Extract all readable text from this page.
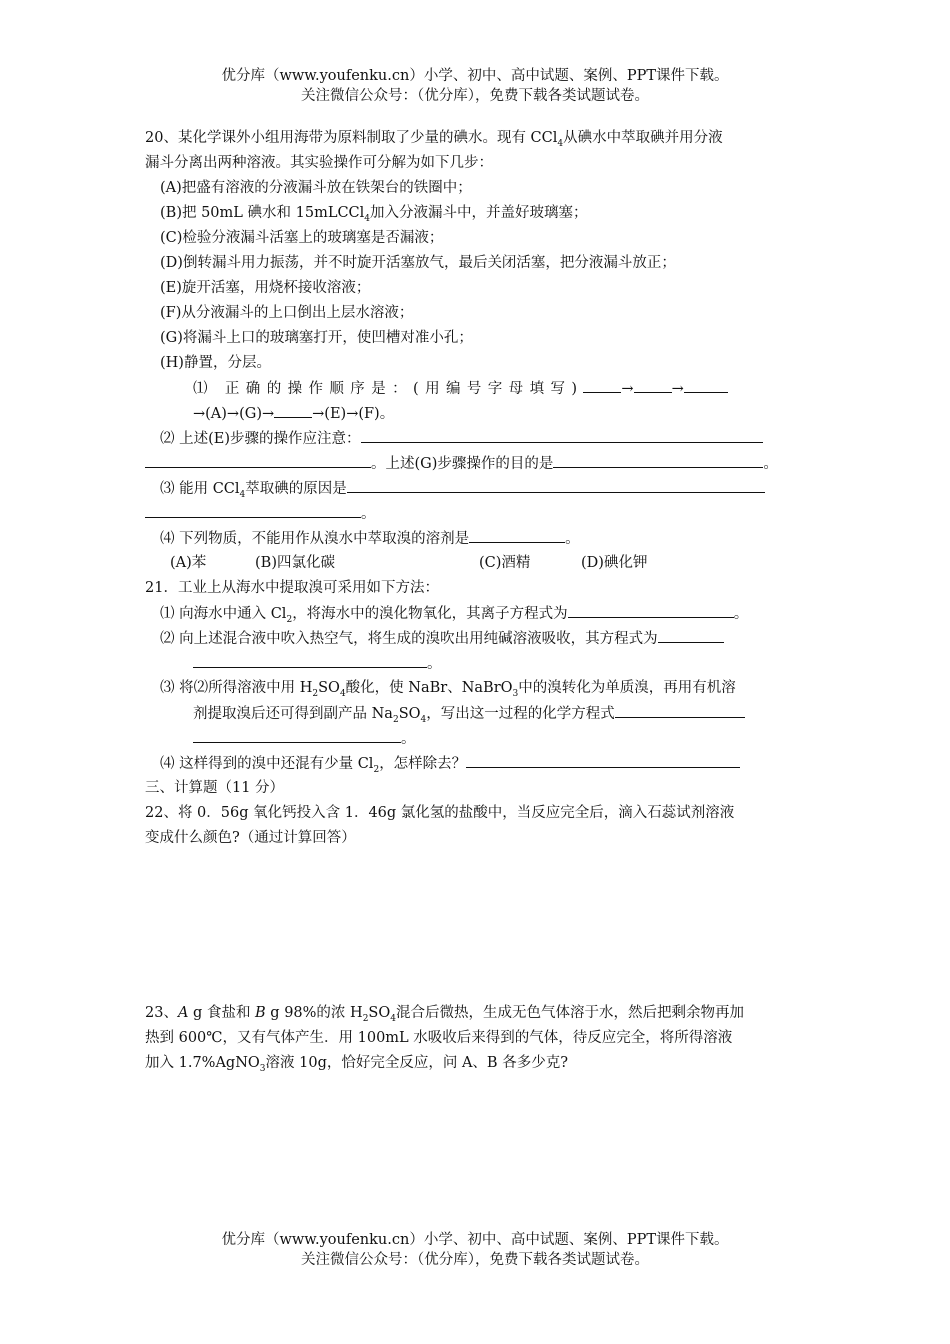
优分库（www.youfenku.cn）小学、初中、高中试题、案例、PPT课件下载。
关注微信公众号：（优分库），免费下载各类试题试卷。
20、某化学课外小组用海带为原料制取了少量的碘水。现有 CCl$_4$从碘水中萃取碘并用分液
漏斗分离出两种溶液。其实验操作可分解为如下几步：
(A)把盛有溶液的分液漏斗放在铁架台的铁圈中；
(B)把 50mL 碘水和 15mLCCl$_4$加入分液漏斗中，并盖好玻璃塞；
(C)检验分液漏斗活塞上的玻璃塞是否漏液；
(D)倒转漏斗用力振荡，并不时旋开活塞放气，最后关闭活塞，把分液漏斗放正；
(E)旋开活塞，用烧杯接收溶液；
(F)从分液漏斗的上口倒出上层水溶液；
(G)将漏斗上口的玻璃塞打开，使凹槽对准小孔；
(H)静置，分层。
⑴ 正确的操作顺序是：(用编号字母填写)	→	→
→(A)→(G)→	→(E)→(F)。
⑵ 上述(E)步骤的操作应注意：
。上述(G)步骤操作的目的是	。
⑶ 能用 CCl$_4$萃取碘的原因是
。
⑷ 下列物质，不能用作从溴水中萃取溴的溶剂是	。
(A)苯	(B)四氯化碳	(C)酒精	(D)碘化钾
21．工业上从海水中提取溴可采用如下方法：
⑴ 向海水中通入 $Cl_2$，将海水中的溴化物氧化，其离子方程式为	。
⑵ 向上述混合液中吹入热空气，将生成的溴吹出用纯碱溶液吸收，其方程式为
。
⑶ 将⑵所得溶液中用 $H_2SO_4$酸化，使 NaBr、NaBrO$_3$中的溴转化为单质溴，再用有机溶
剂提取溴后还可得到副产品 $Na_2SO_4$，写出这一过程的化学方程式
。
⑷ 这样得到的溴中还混有少量 $Cl_2$，怎样除去？
三、计算题（11 分）
22、将 0．56g 氧化钙投入含 1．46g 氯化氢的盐酸中，当反应完全后，滴入石蕊试剂溶液
变成什么颜色?（通过计算回答）
23、A g 食盐和 B g 98%的浓 $H_2SO_4$混合后微热，生成无色气体溶于水，然后把剩余物再加
热到 600℃，又有气体产生．用 100mL 水吸收后来得到的气体，待反应完全，将所得溶液
加入 1.7%AgNO$_3$溶液 10g，恰好完全反应，问 A、B 各多少克?
优分库（www.youfenku.cn）小学、初中、高中试题、案例、PPT课件下载。
关注微信公众号：（优分库），免费下载各类试题试卷。
